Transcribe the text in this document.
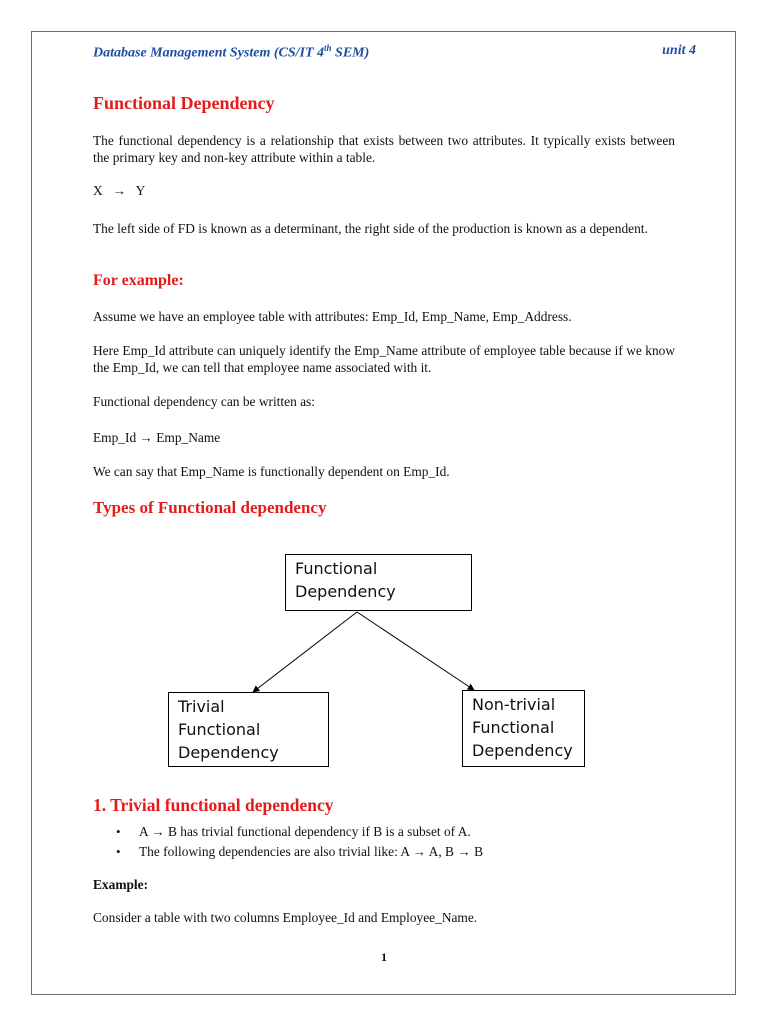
Database Management System (CS/IT 4th SEM)	unit 4
Functional Dependency

The functional dependency is a relationship that exists between two attributes. It typically exists between the primary key and non-key attribute within a table.

X   →   Y

The left side of FD is known as a determinant, the right side of the production is known as a dependent.

For example:

Assume we have an employee table with attributes: Emp_Id, Emp_Name, Emp_Address.

Here Emp_Id attribute can uniquely identify the Emp_Name attribute of employee table because if we know the Emp_Id, we can tell that employee name associated with it.

Functional dependency can be written as:

Emp_Id → Emp_Name

We can say that Emp_Name is functionally dependent on Emp_Id.

Types of Functional dependency
Functional
Dependency
Trivial
Functional
Dependency
Non-trivial
Functional
Dependency
1. Trivial functional dependency
• A → B has trivial functional dependency if B is a subset of A.
• The following dependencies are also trivial like: A → A, B → B

Example:

Consider a table with two columns Employee_Id and Employee_Name.

1
